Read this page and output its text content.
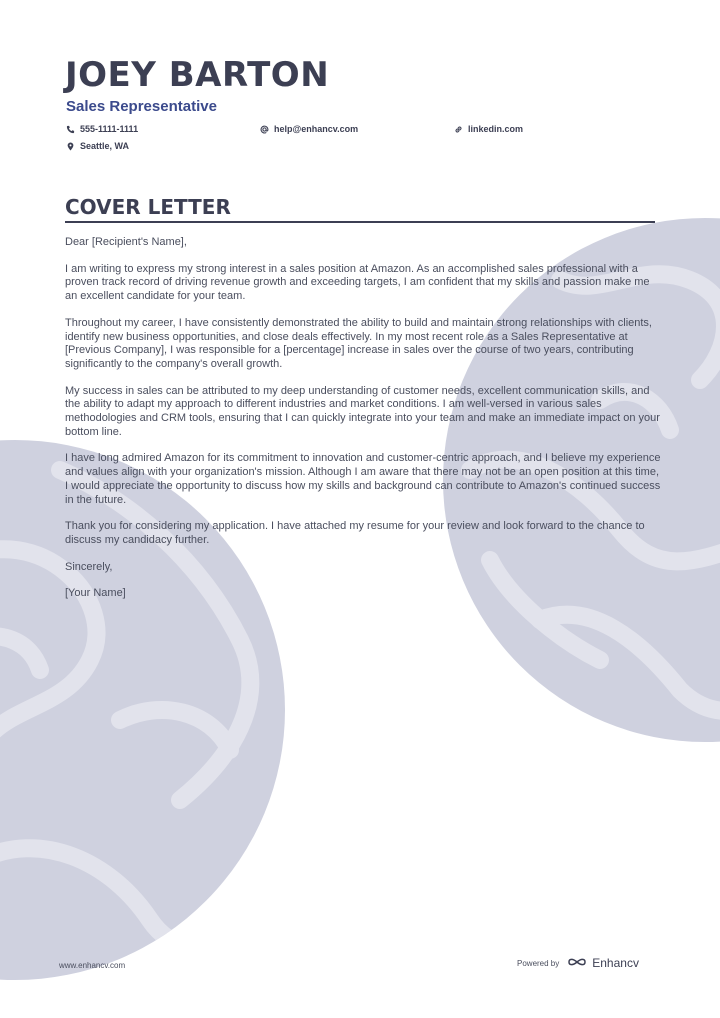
JOEY BARTON
Sales Representative
555-1111-1111	help@enhancv.com	linkedin.com
Seattle, WA
COVER LETTER

Dear [Recipient's Name],

I am writing to express my strong interest in a sales position at Amazon. As an accomplished sales professional with a proven track record of driving revenue growth and exceeding targets, I am confident that my skills and passion make me an excellent candidate for your team.

Throughout my career, I have consistently demonstrated the ability to build and maintain strong relationships with clients, identify new business opportunities, and close deals effectively. In my most recent role as a Sales Representative at [Previous Company], I was responsible for a [percentage] increase in sales over the course of two years, contributing significantly to the company's overall growth.

My success in sales can be attributed to my deep understanding of customer needs, excellent communication skills, and the ability to adapt my approach to different industries and market conditions. I am well-versed in various sales methodologies and CRM tools, ensuring that I can quickly integrate into your team and make an immediate impact on your bottom line.

I have long admired Amazon for its commitment to innovation and customer-centric approach, and I believe my experience and values align with your organization's mission. Although I am aware that there may not be an open position at this time, I would appreciate the opportunity to discuss how my skills and background can contribute to Amazon's continued success in the future.

Thank you for considering my application. I have attached my resume for your review and look forward to the chance to discuss my candidacy further.

Sincerely,

[Your Name]

www.enhancv.com	Powered by	Enhancv
